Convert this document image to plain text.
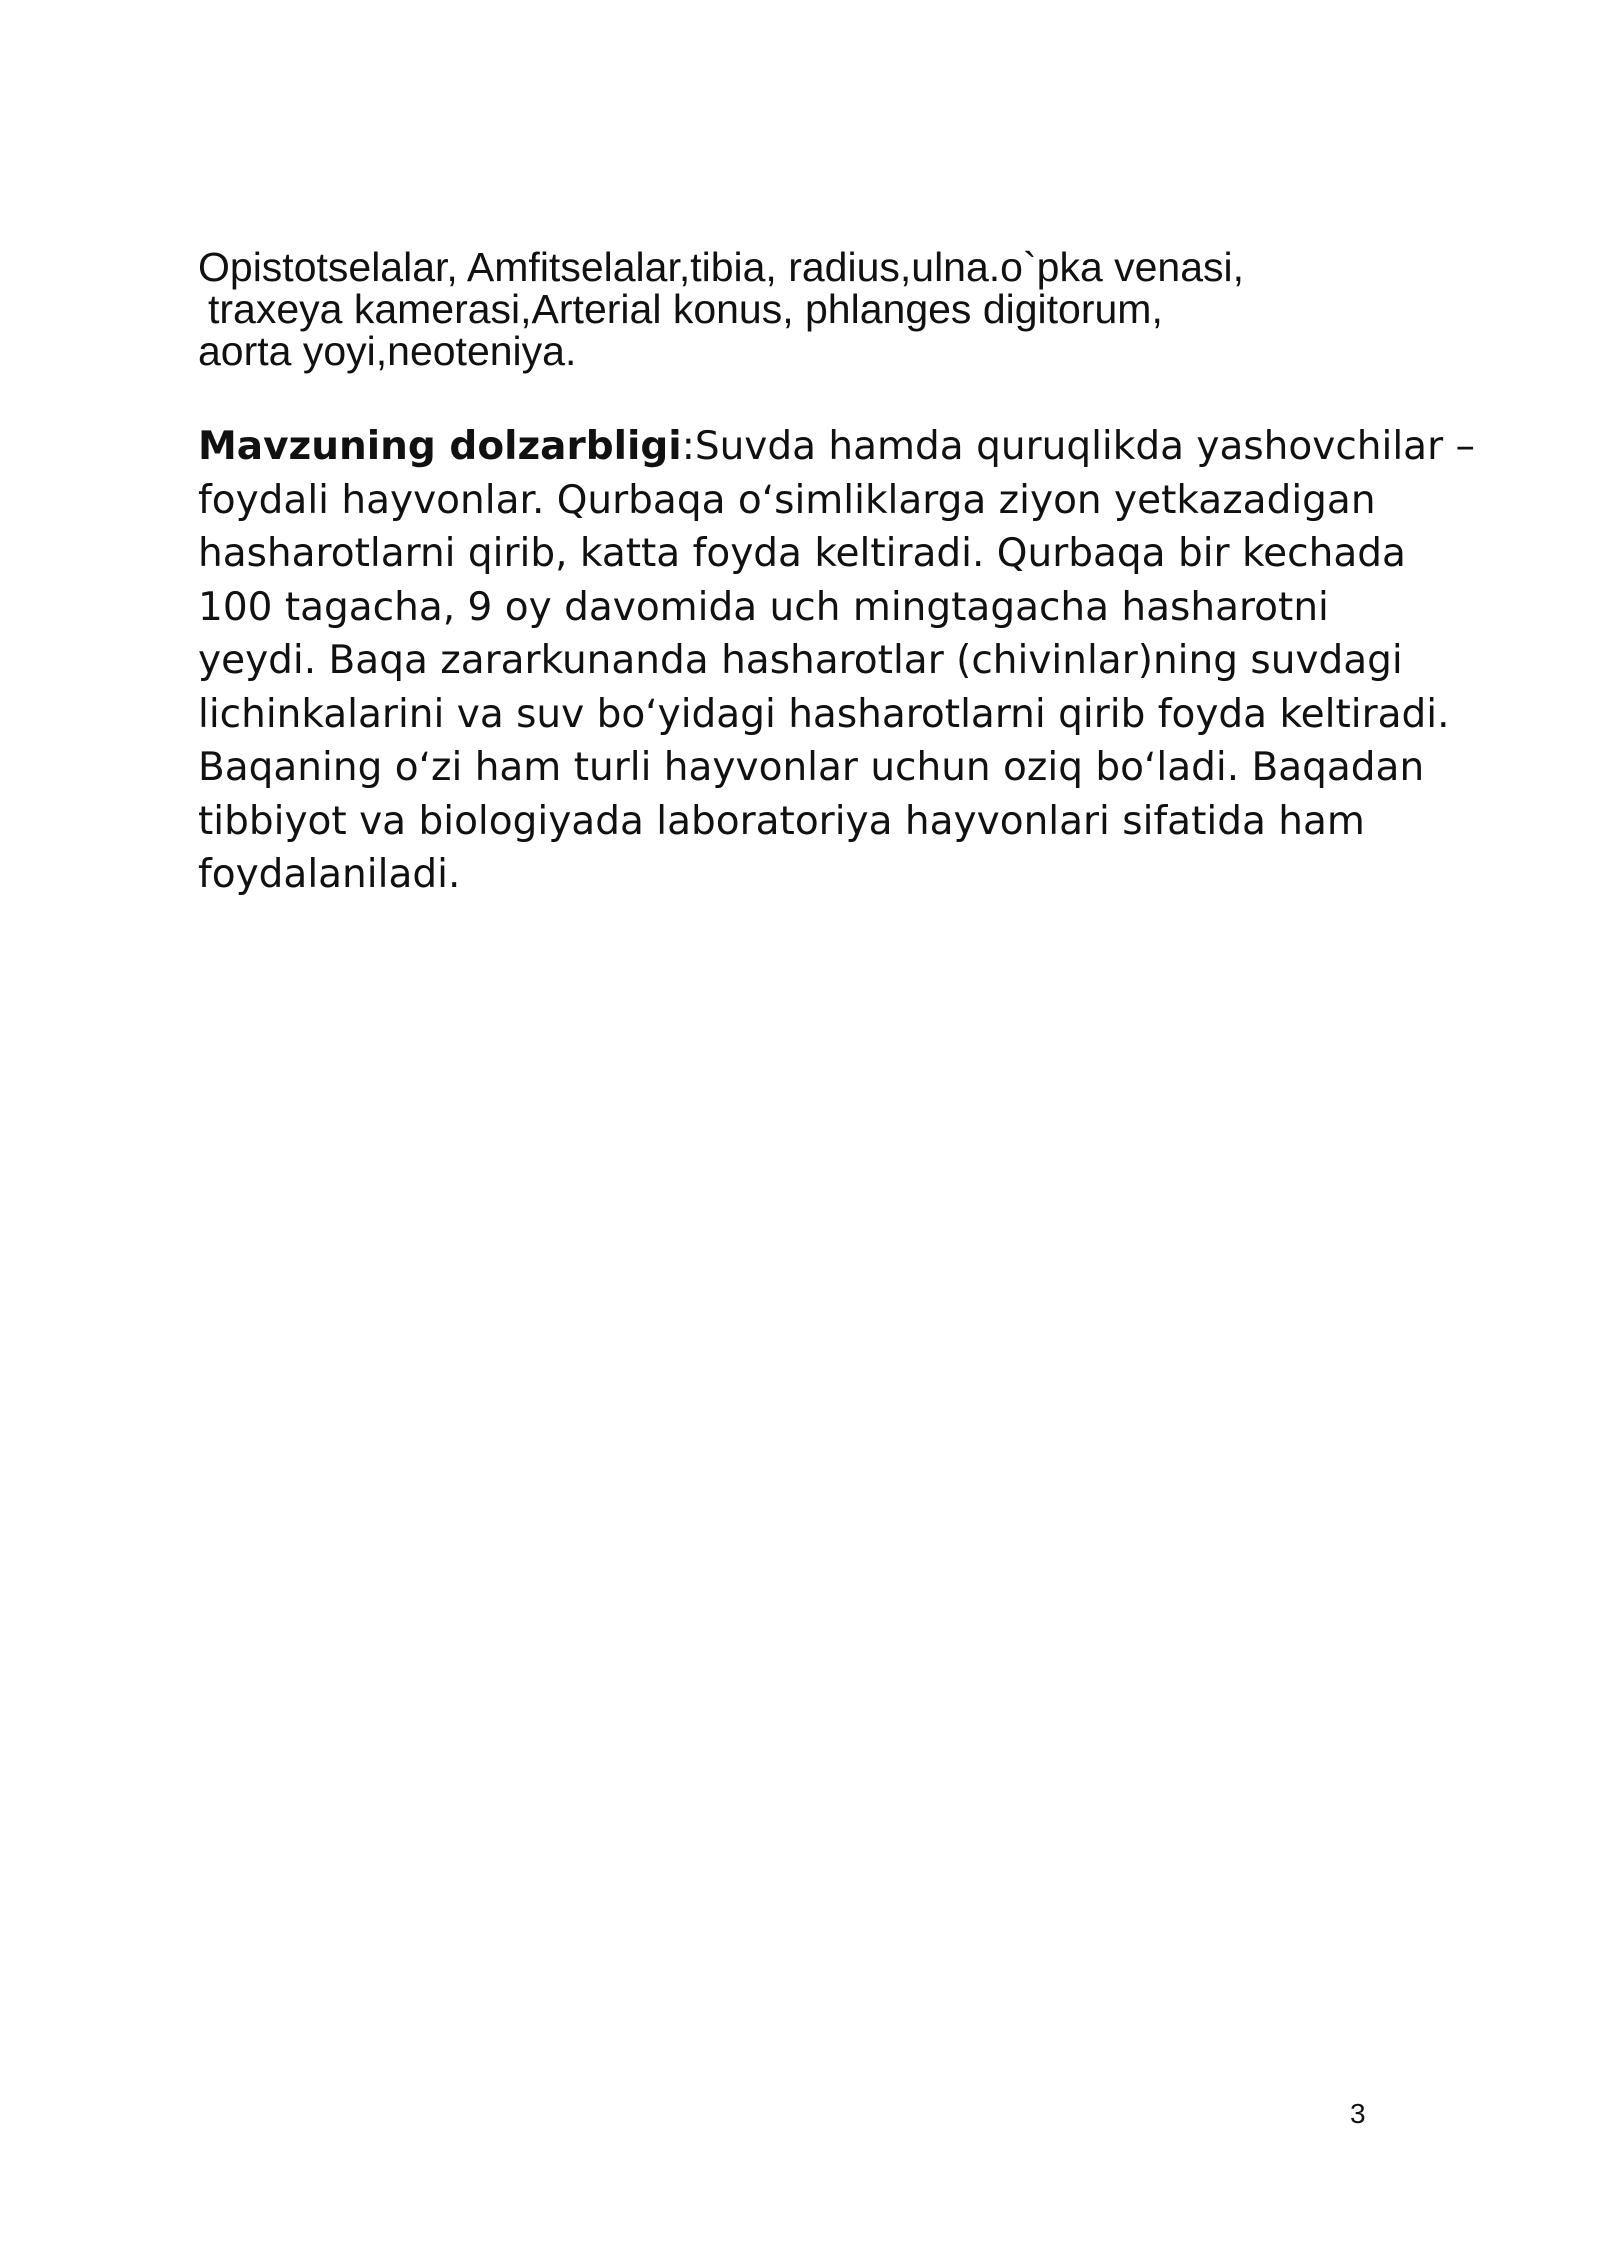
Opistotselalar, Amfitselalar,tibia, radius,ulna.o`pka venasi,
traxeya kamerasi,Arterial konus, phlanges digitorum,
aorta yoyi,neoteniya.
Mavzuning dolzarbligi:Suvda hamda quruqlikda yashovchilar –
foydali hayvonlar. Qurbaqa o‘simliklarga ziyon yetkazadigan
hasharotlarni qirib, katta foyda keltiradi. Qurbaqa bir kechada
100 tagacha, 9 oy davomida uch mingtagacha hasharotni
yeydi. Baqa zararkunanda hasharotlar (chivinlar)ning suvdagi
lichinkalarini va suv bo‘yidagi hasharotlarni qirib foyda keltiradi.
Baqaning o‘zi ham turli hayvonlar uchun oziq bo‘ladi. Baqadan
tibbiyot va biologiyada laboratoriya hayvonlari sifatida ham
foydalaniladi.
3
